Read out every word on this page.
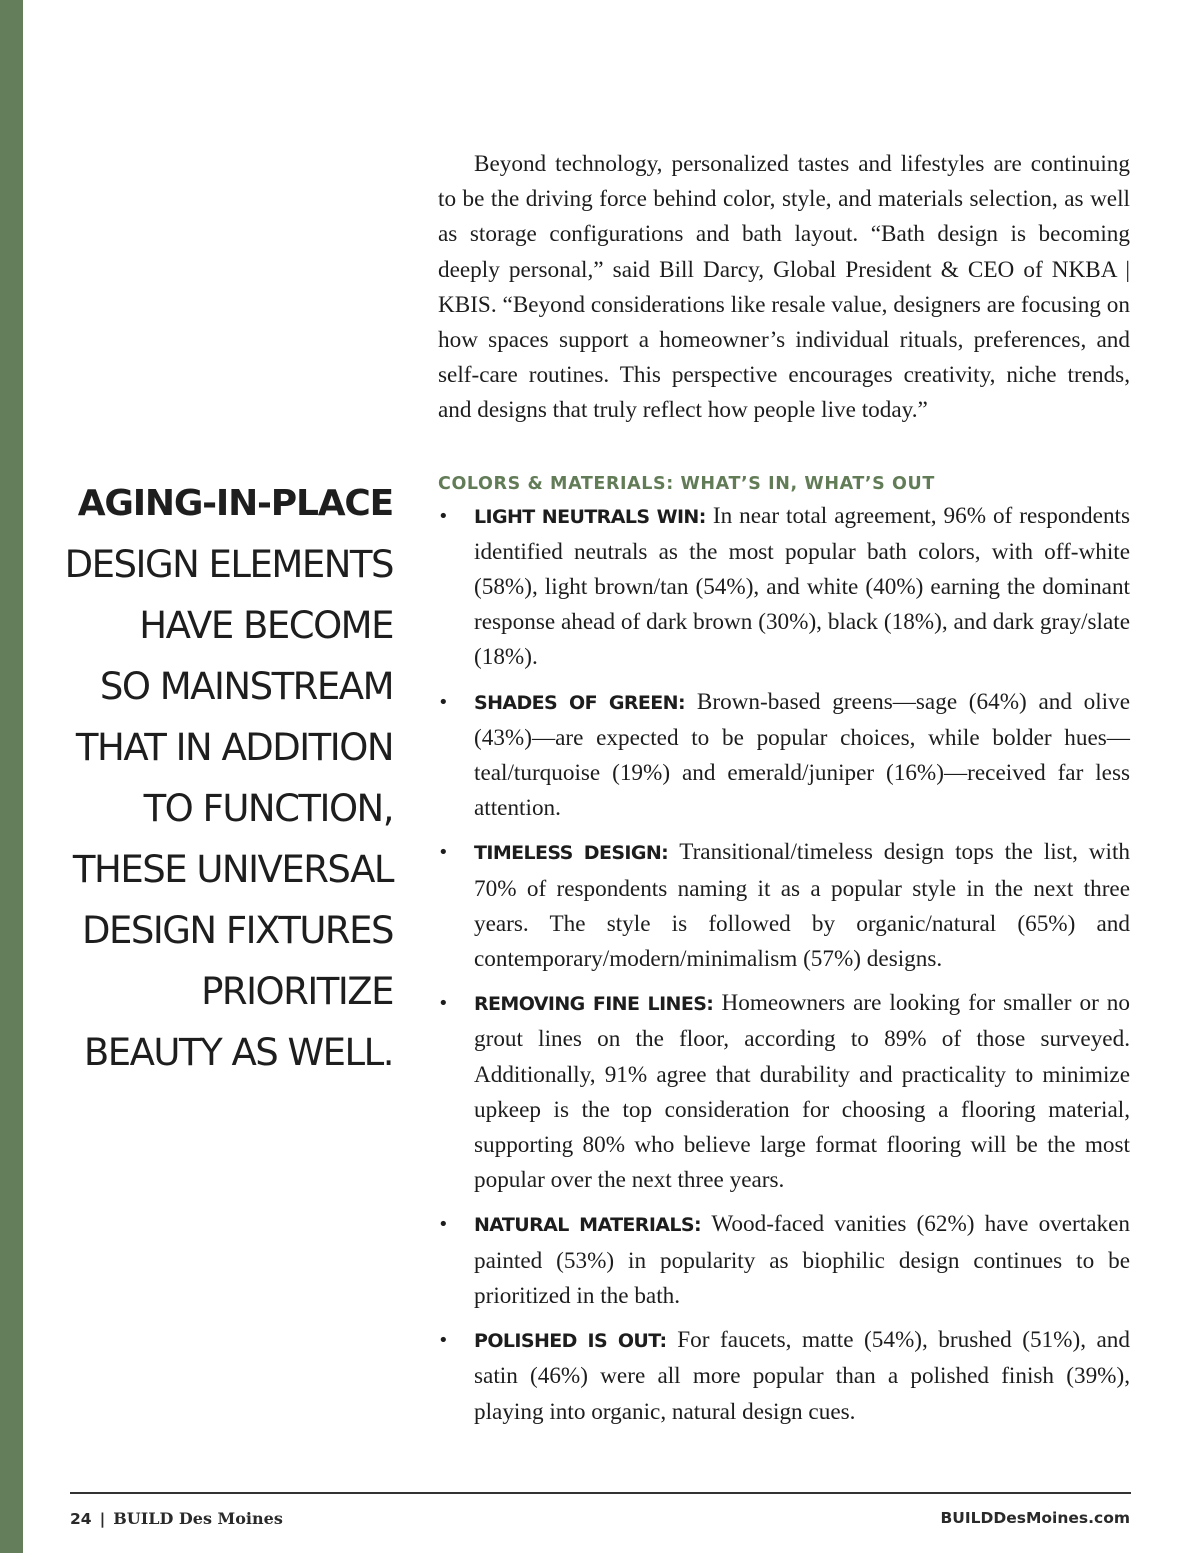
AGING-IN-PLACE
DESIGN ELEMENTS
HAVE BECOME
SO MAINSTREAM
THAT IN ADDITION
TO FUNCTION,
THESE UNIVERSAL
DESIGN FIXTURES
PRIORITIZE
BEAUTY AS WELL.

Beyond technology, personalized tastes and lifestyles are continuing to be the driving force behind color, style, and materials selection, as well as storage configurations and bath layout. “Bath design is becoming deeply personal,” said Bill Darcy, Global President & CEO of NKBA | KBIS. “Beyond considerations like resale value, designers are focusing on how spaces support a homeowner’s individual rituals, preferences, and self-care routines. This perspective encourages creativity, niche trends, and designs that truly reflect how people live today.”

COLORS & MATERIALS: WHAT’S IN, WHAT’S OUT
• LIGHT NEUTRALS WIN: In near total agreement, 96% of respondents identified neutrals as the most popular bath colors, with off-white (58%), light brown/tan (54%), and white (40%) earning the dominant response ahead of dark brown (30%), black (18%), and dark gray/slate (18%).
• SHADES OF GREEN: Brown-based greens—sage (64%) and olive (43%)—are expected to be popular choices, while bolder hues—teal/turquoise (19%) and emerald/juniper (16%)—received far less attention.
• TIMELESS DESIGN: Transitional/timeless design tops the list, with 70% of respondents naming it as a popular style in the next three years. The style is followed by organic/natural (65%) and contemporary/modern/minimalism (57%) designs.
• REMOVING FINE LINES: Homeowners are looking for smaller or no grout lines on the floor, according to 89% of those surveyed. Additionally, 91% agree that durability and practicality to minimize upkeep is the top consideration for choosing a flooring material, supporting 80% who believe large format flooring will be the most popular over the next three years.
• NATURAL MATERIALS: Wood-faced vanities (62%) have overtaken painted (53%) in popularity as biophilic design continues to be prioritized in the bath.
• POLISHED IS OUT: For faucets, matte (54%), brushed (51%), and satin (46%) were all more popular than a polished finish (39%), playing into organic, natural design cues.
24 | BUILD Des Moines	BUILDDesMoines.com
